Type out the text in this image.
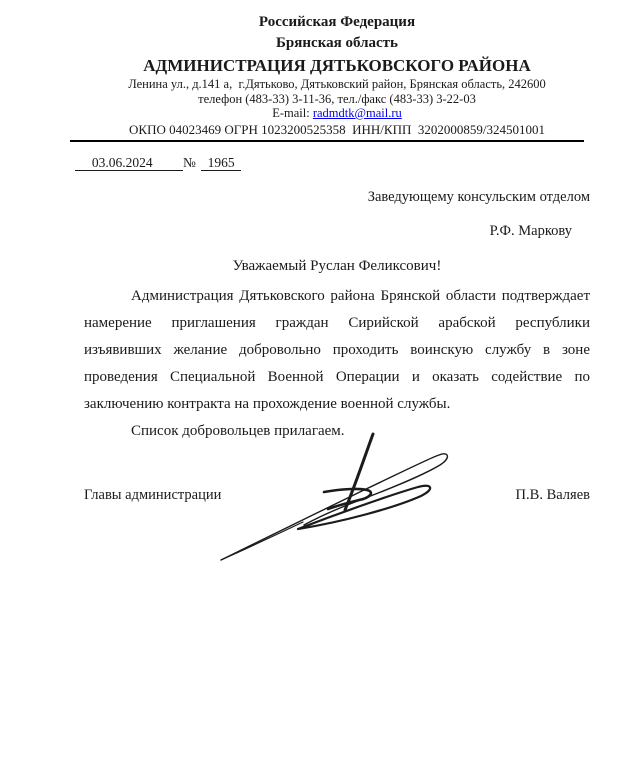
Российская Федерация
Брянская область
АДМИНИСТРАЦИЯ ДЯТЬКОВСКОГО РАЙОНА
Ленина ул., д.141 а,  г.Дятьково, Дятьковский район, Брянская область, 242600
телефон (483-33) 3-11-36, тел./факс (483-33) 3-22-03
E-mail: radmdtk@mail.ru
ОКПО 04023469 ОГРН 1023200525358  ИНН/КПП  3202000859/324501001
03.06.2024         №  1965
Заведующему консульским отделом
Р.Ф. Маркову
Уважаемый Руслан Феликсович!
Администрация Дятьковского района Брянской области подтверждает
намерение приглашения граждан Сирийской арабской республики
изъявивших желание добровольно проходить воинскую службу в зоне
проведения Специальной Военной Операции и оказать содействие по
заключению контракта на прохождение военной службы.
Список добровольцев прилагаем.
Главы администрации	П.В. Валяев
